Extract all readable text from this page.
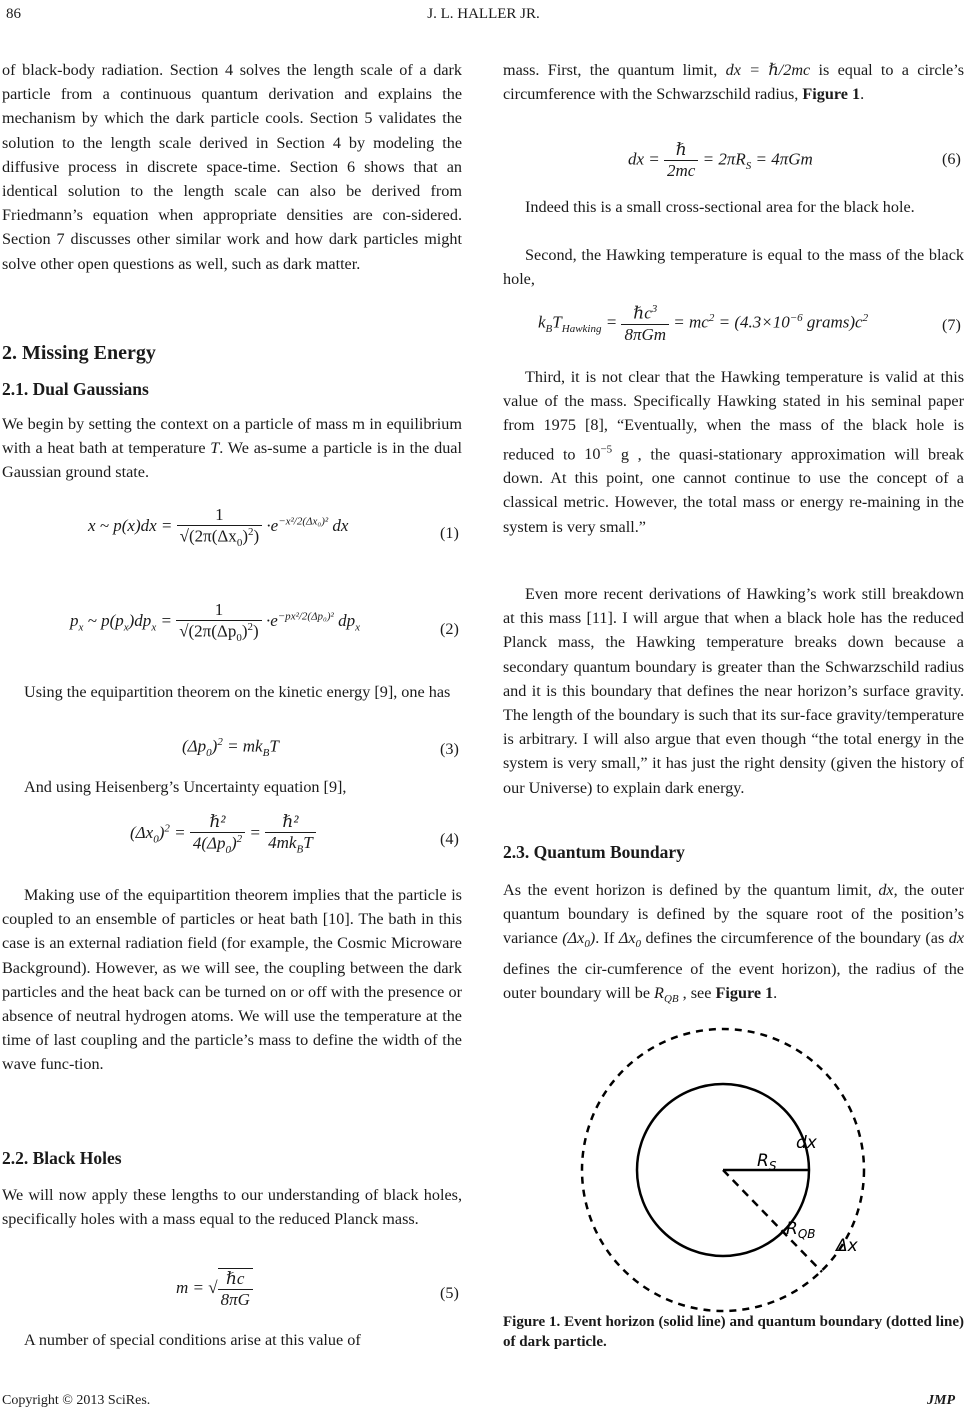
86	J. L. HALLER JR.

of black-body radiation. Section 4 solves the length scale of a dark particle from a continuous quantum derivation and explains the mechanism by which the dark particle cools. Section 5 validates the solution to the length scale derived in Section 4 by modeling the diffusive process in discrete space-time. Section 6 shows that an identical solution to the length scale can also be derived from Friedmann’s equation when appropriate densities are con-sidered. Section 7 discusses other similar work and how dark particles might solve other open questions as well, such as dark matter.

2. Missing Energy
2.1. Dual Gaussians

We begin by setting the context on a particle of mass m in equilibrium with a heat bath at temperature T. We as-sume a particle is in the dual Gaussian ground state.

x ~ $p(x)dx = \frac{1}{√(2\pi(\Delta x_0)^2)} \cdot e^{-x^2/2(\Delta x_0)^2}$ dx	(1)
$p_x$ ~ $p(p_x)dp_x = \frac{1}{√(2\pi(\Delta p_0)^2)} \cdot e^{-px^2/2(\Delta p_0)^2}$ $dp_x$	(2)

Using the equipartition theorem on the kinetic energy [9], one has

$(\Delta p_0)^2 = mk_BT$	(3)

And using Heisenberg’s Uncertainty equation [9],

$(\Delta x_0)^2 = \frac{\text{ℏ²}}{4(\Delta p_0)^2} = \frac{\text{ℏ²}}{4mk_BT}$	(4)

Making use of the equipartition theorem implies that the particle is coupled to an ensemble of particles or heat bath [10]. The bath in this case is an external radiation field (for example, the Cosmic Microware Background). However, as we will see, the coupling between the dark particles and the heat back can be turned on or off with the presence or absence of neutral hydrogen atoms. We will use the temperature at the time of last coupling and the particle’s mass to define the width of the wave func-tion.

2.2. Black Holes

We will now apply these lengths to our understanding of black holes, specifically holes with a mass equal to the reduced Planck mass.

m = √ $\frac{\text{ℏc}}{8\pi G}$	(5)

A number of special conditions arise at this value of

mass. First, the quantum limit, dx = ℏ/2mc is equal to a circle’s circumference with the Schwarzschild radius, Figure 1.

dx = $\frac{\text{ℏ}}{2mc} = 2\pi R_S = 4\pi Gm$	(6)

Indeed this is a small cross-sectional area for the black hole.

Second, the Hawking temperature is equal to the mass of the black hole,

$k_BT_{Hawking} = \frac{\hbar c^3}{\text{8πGm}} = mc^2 = (4.3\times 10^{-6}$ $grams)c^2$	(7)

Third, it is not clear that the Hawking temperature is valid at this value of the mass. Specifically Hawking stated in his seminal paper from 1975 [8], “Eventually, when the mass of the black hole is reduced to $10^{-5}$ g , the quasi-stationary approximation will break down. At this point, one cannot continue to use the concept of a classical metric. However, the total mass or energy re-maining in the system is very small.”

Even more recent derivations of Hawking’s work still breakdown at this mass [11]. I will argue that when a black hole has the reduced Planck mass, the Hawking temperature breaks down because a secondary quantum boundary is greater than the Schwarzschild radius and it is this boundary that defines the near horizon’s surface gravity. The length of the boundary is such that its sur-face gravity/temperature is arbitrary. I will also argue that even though “the total energy in the system is very small,” it has just the right density (given the history of our Universe) to explain dark energy.

2.3. Quantum Boundary

As the event horizon is defined by the quantum limit, dx, the outer quantum boundary is defined by the square root of the position’s variance $(\Delta x_0)$. If $\Delta x_0$ defines the circumference of the boundary (as dx defines the cir-cumference of the event horizon), the radius of the outer boundary will be $R_{QB}$ , see Figure 1.

dx
$R_S$
$R_{QB}$
Δx

Figure 1. Event horizon (solid line) and quantum boundary (dotted line) of dark particle.

Copyright © 2013 SciRes.	JMP
